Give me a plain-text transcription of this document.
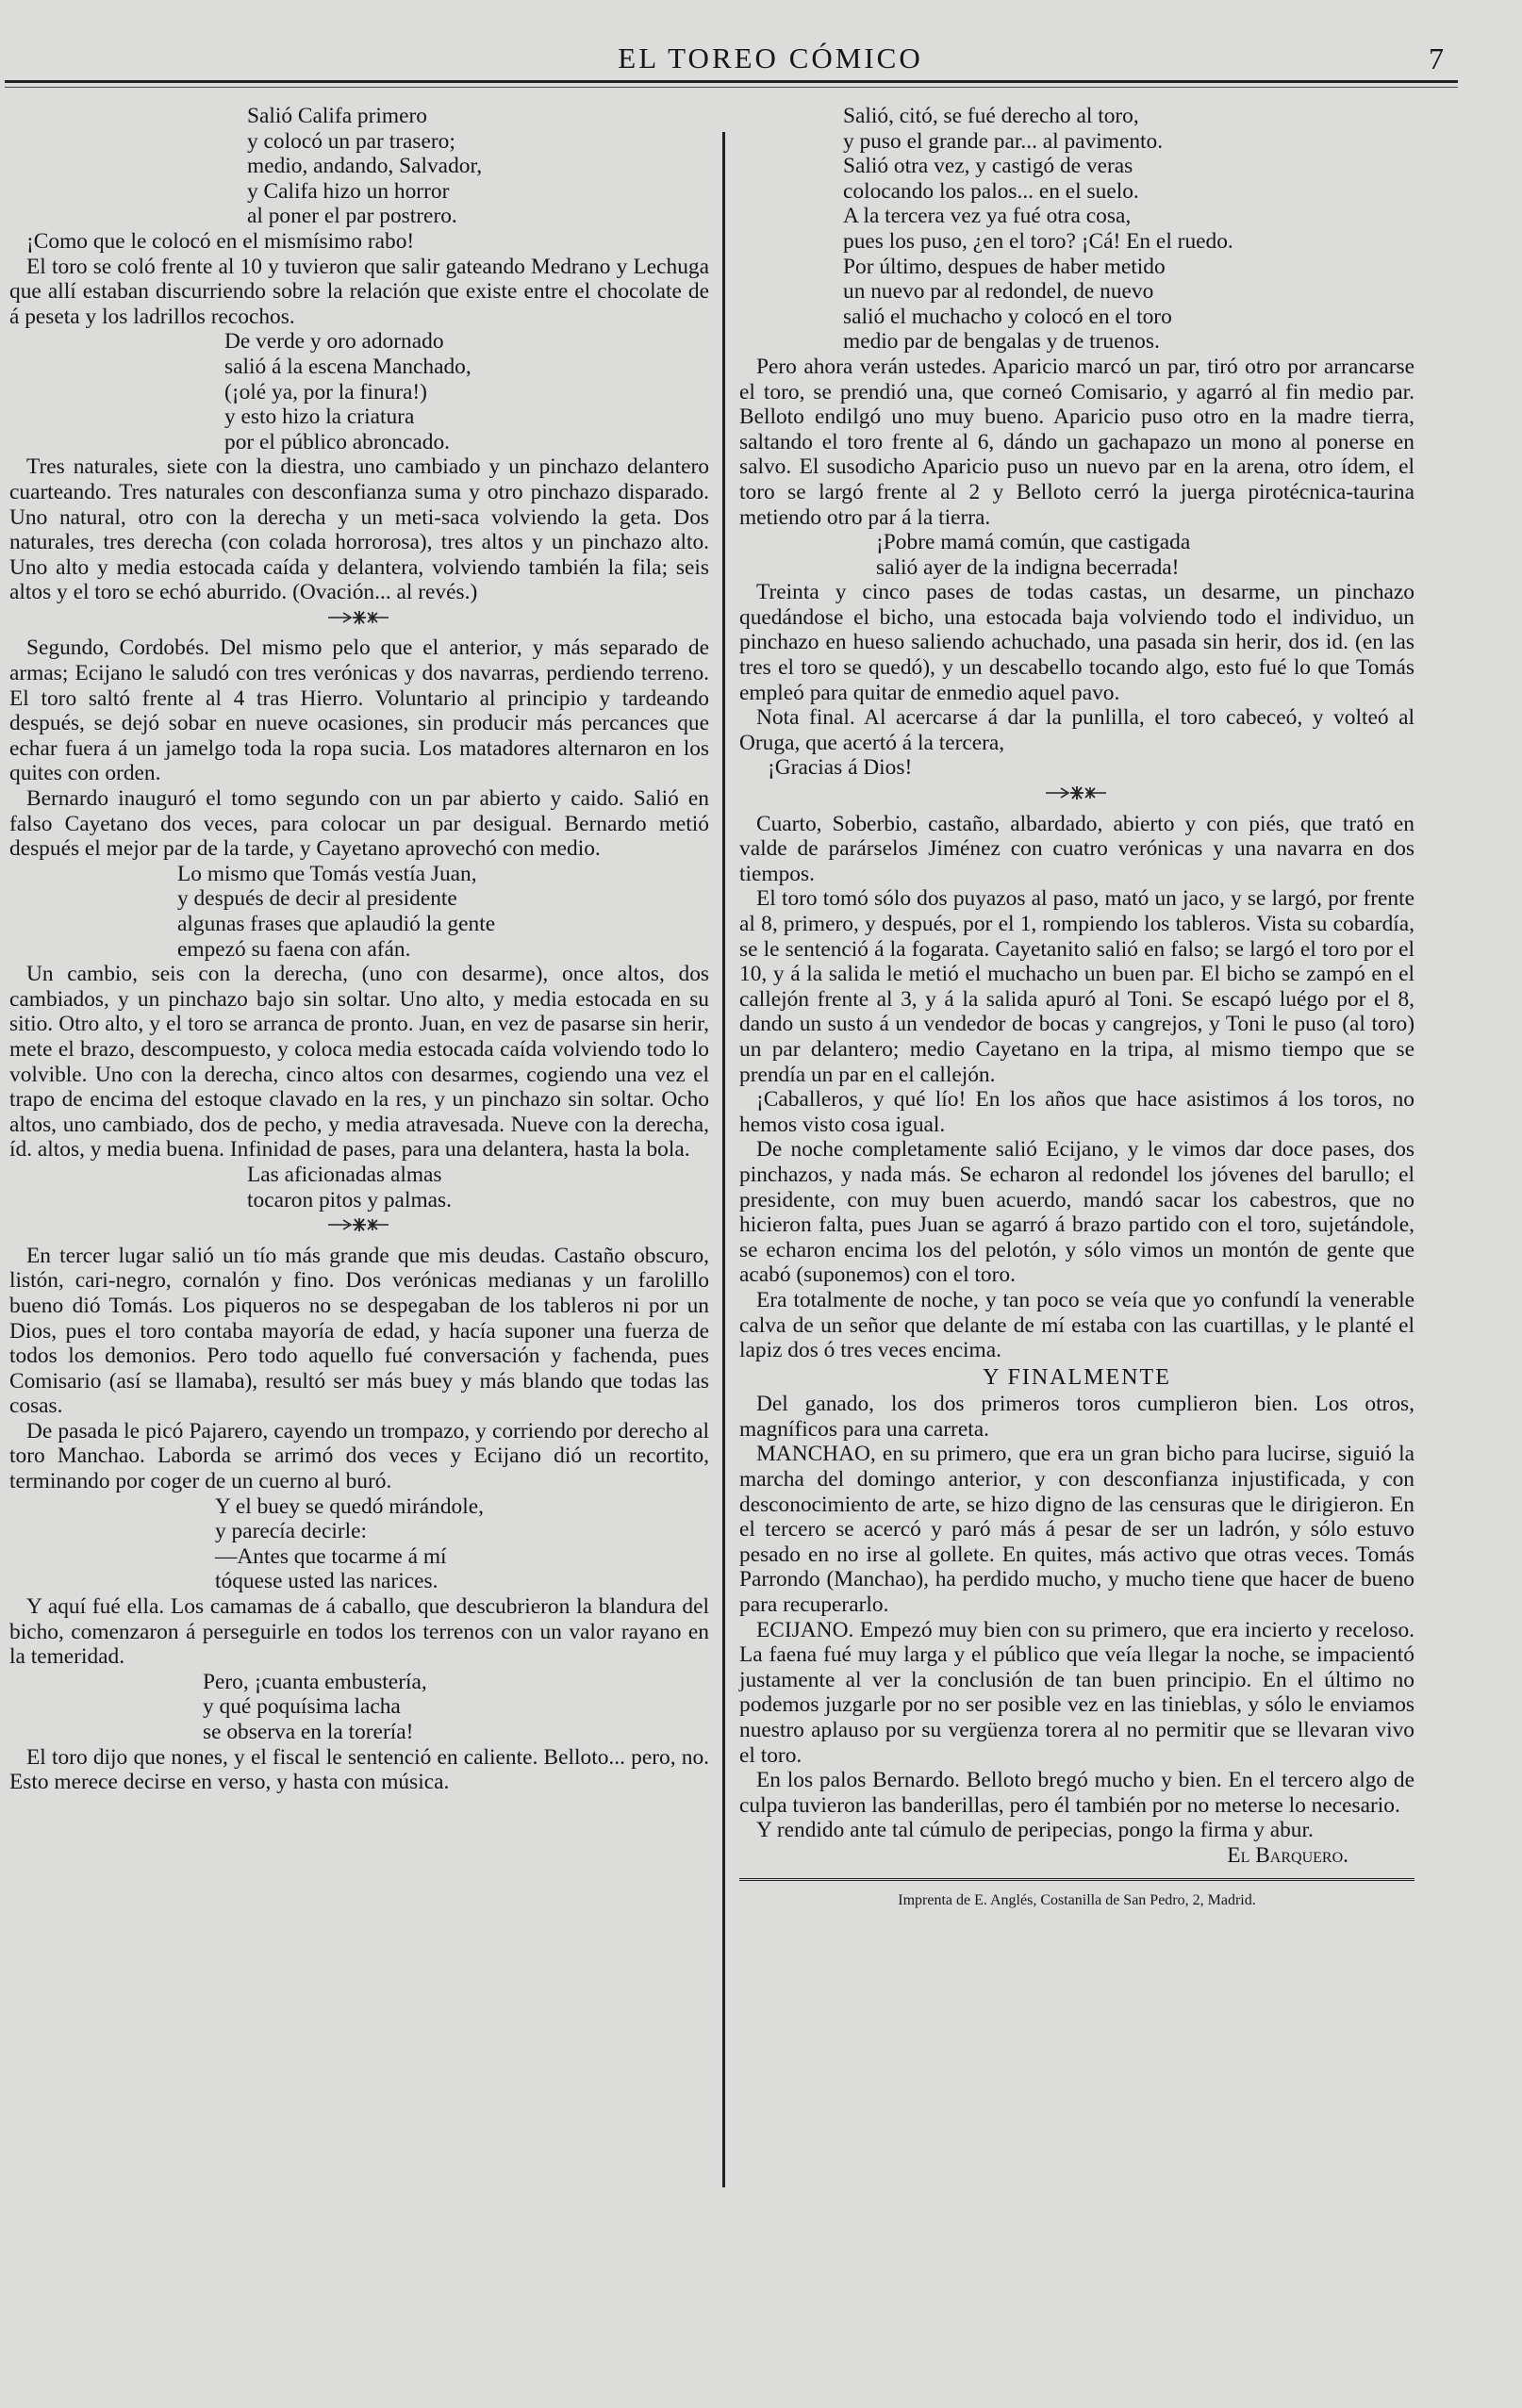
EL TOREO CÓMICO	7
Salió Califa primero
y colocó un par trasero;
medio, andando, Salvador,
y Califa hizo un horror
al poner el par postrero.

¡Como que le colocó en el mismísimo rabo!

El toro se coló frente al 10 y tuvieron que salir gateando Medrano y Lechuga que allí estaban discurriendo sobre la relación que existe entre el chocolate de á peseta y los ladrillos recochos.

De verde y oro adornado
salió á la escena Manchado,
(¡olé ya, por la finura!)
y esto hizo la criatura
por el público abroncado.

Tres naturales, siete con la diestra, uno cambiado y un pinchazo delantero cuarteando. Tres naturales con desconfianza suma y otro pinchazo disparado. Uno natural, otro con la derecha y un meti-saca volviendo la geta. Dos naturales, tres derecha (con colada horrorosa), tres altos y un pinchazo alto. Uno alto y media estocada caída y delantera, volviendo también la fila; seis altos y el toro se echó aburrido. (Ovación... al revés.)

Segundo, Cordobés. Del mismo pelo que el anterior, y más separado de armas; Ecijano le saludó con tres verónicas y dos navarras, perdiendo terreno. El toro saltó frente al 4 tras Hierro. Voluntario al principio y tardeando después, se dejó sobar en nueve ocasiones, sin producir más percances que echar fuera á un jamelgo toda la ropa sucia. Los matadores alternaron en los quites con orden.

Bernardo inauguró el tomo segundo con un par abierto y caido. Salió en falso Cayetano dos veces, para colocar un par desigual. Bernardo metió después el mejor par de la tarde, y Cayetano aprovechó con medio.

Lo mismo que Tomás vestía Juan,
y después de decir al presidente
algunas frases que aplaudió la gente
empezó su faena con afán.

Un cambio, seis con la derecha, (uno con desarme), once altos, dos cambiados, y un pinchazo bajo sin soltar. Uno alto, y media estocada en su sitio. Otro alto, y el toro se arranca de pronto. Juan, en vez de pasarse sin herir, mete el brazo, descompuesto, y coloca media estocada caída volviendo todo lo volvible. Uno con la derecha, cinco altos con desarmes, cogiendo una vez el trapo de encima del estoque clavado en la res, y un pinchazo sin soltar. Ocho altos, uno cambiado, dos de pecho, y media atravesada. Nueve con la derecha, íd. altos, y media buena. Infinidad de pases, para una delantera, hasta la bola.

Las aficionadas almas
tocaron pitos y palmas.

En tercer lugar salió un tío más grande que mis deudas. Castaño obscuro, listón, cari-negro, cornalón y fino. Dos verónicas medianas y un farolillo bueno dió Tomás. Los piqueros no se despegaban de los tableros ni por un Dios, pues el toro contaba mayoría de edad, y hacía suponer una fuerza de todos los demonios. Pero todo aquello fué conversación y fachenda, pues Comisario (así se llamaba), resultó ser más buey y más blando que todas las cosas.

De pasada le picó Pajarero, cayendo un trompazo, y corriendo por derecho al toro Manchao. Laborda se arrimó dos veces y Ecijano dió un recortito, terminando por coger de un cuerno al buró.

Y el buey se quedó mirándole,
y parecía decirle:
—Antes que tocarme á mí
tóquese usted las narices.

Y aquí fué ella. Los camamas de á caballo, que descubrieron la blandura del bicho, comenzaron á perseguirle en todos los terrenos con un valor rayano en la temeridad.

Pero, ¡cuanta embustería,
y qué poquísima lacha
se observa en la torería!

El toro dijo que nones, y el fiscal le sentenció en caliente. Belloto... pero, no. Esto merece decirse en verso, y hasta con música.

Salió, citó, se fué derecho al toro,
y puso el grande par... al pavimento.
Salió otra vez, y castigó de veras
colocando los palos... en el suelo.
A la tercera vez ya fué otra cosa,
pues los puso, ¿en el toro? ¡Cá! En el ruedo.
Por último, despues de haber metido
un nuevo par al redondel, de nuevo
salió el muchacho y colocó en el toro
medio par de bengalas y de truenos.

Pero ahora verán ustedes. Aparicio marcó un par, tiró otro por arrancarse el toro, se prendió una, que corneó Comisario, y agarró al fin medio par. Belloto endilgó uno muy bueno. Aparicio puso otro en la madre tierra, saltando el toro frente al 6, dándo un gachapazo un mono al ponerse en salvo. El susodicho Aparicio puso un nuevo par en la arena, otro ídem, el toro se largó frente al 2 y Belloto cerró la juerga pirotécnica-taurina metiendo otro par á la tierra.

¡Pobre mamá común, que castigada
salió ayer de la indigna becerrada!

Treinta y cinco pases de todas castas, un desarme, un pinchazo quedándose el bicho, una estocada baja volviendo todo el individuo, un pinchazo en hueso saliendo achuchado, una pasada sin herir, dos id. (en las tres el toro se quedó), y un descabello tocando algo, esto fué lo que Tomás empleó para quitar de enmedio aquel pavo.

Nota final. Al acercarse á dar la punlilla, el toro cabeceó, y volteó al Oruga, que acertó á la tercera,

¡Gracias á Dios!

Cuarto, Soberbio, castaño, albardado, abierto y con piés, que trató en valde de parárselos Jiménez con cuatro verónicas y una navarra en dos tiempos.

El toro tomó sólo dos puyazos al paso, mató un jaco, y se largó, por frente al 8, primero, y después, por el 1, rompiendo los tableros. Vista su cobardía, se le sentenció á la fogarata. Cayetanito salió en falso; se largó el toro por el 10, y á la salida le metió el muchacho un buen par. El bicho se zampó en el callejón frente al 3, y á la salida apuró al Toni. Se escapó luégo por el 8, dando un susto á un vendedor de bocas y cangrejos, y Toni le puso (al toro) un par delantero; medio Cayetano en la tripa, al mismo tiempo que se prendía un par en el callejón.

¡Caballeros, y qué lío! En los años que hace asistimos á los toros, no hemos visto cosa igual.

De noche completamente salió Ecijano, y le vimos dar doce pases, dos pinchazos, y nada más. Se echaron al redondel los jóvenes del barullo; el presidente, con muy buen acuerdo, mandó sacar los cabestros, que no hicieron falta, pues Juan se agarró á brazo partido con el toro, sujetándole, se echaron encima los del pelotón, y sólo vimos un montón de gente que acabó (suponemos) con el toro.

Era totalmente de noche, y tan poco se veía que yo confundí la venerable calva de un señor que delante de mí estaba con las cuartillas, y le planté el lapiz dos ó tres veces encima.

Y FINALMENTE

Del ganado, los dos primeros toros cumplieron bien. Los otros, magníficos para una carreta.

MANCHAO, en su primero, que era un gran bicho para lucirse, siguió la marcha del domingo anterior, y con desconfianza injustificada, y con desconocimiento de arte, se hizo digno de las censuras que le dirigieron. En el tercero se acercó y paró más á pesar de ser un ladrón, y sólo estuvo pesado en no irse al gollete. En quites, más activo que otras veces. Tomás Parrondo (Manchao), ha perdido mucho, y mucho tiene que hacer de bueno para recuperarlo.

ECIJANO. Empezó muy bien con su primero, que era incierto y receloso. La faena fué muy larga y el público que veía llegar la noche, se impacientó justamente al ver la conclusión de tan buen principio. En el último no podemos juzgarle por no ser posible vez en las tinieblas, y sólo le enviamos nuestro aplauso por su vergüenza torera al no permitir que se llevaran vivo el toro.

En los palos Bernardo. Belloto bregó mucho y bien. En el tercero algo de culpa tuvieron las banderillas, pero él también por no meterse lo necesario.

Y rendido ante tal cúmulo de peripecias, pongo la firma y abur.

El Barquero.
Imprenta de E. Anglés, Costanilla de San Pedro, 2, Madrid.
